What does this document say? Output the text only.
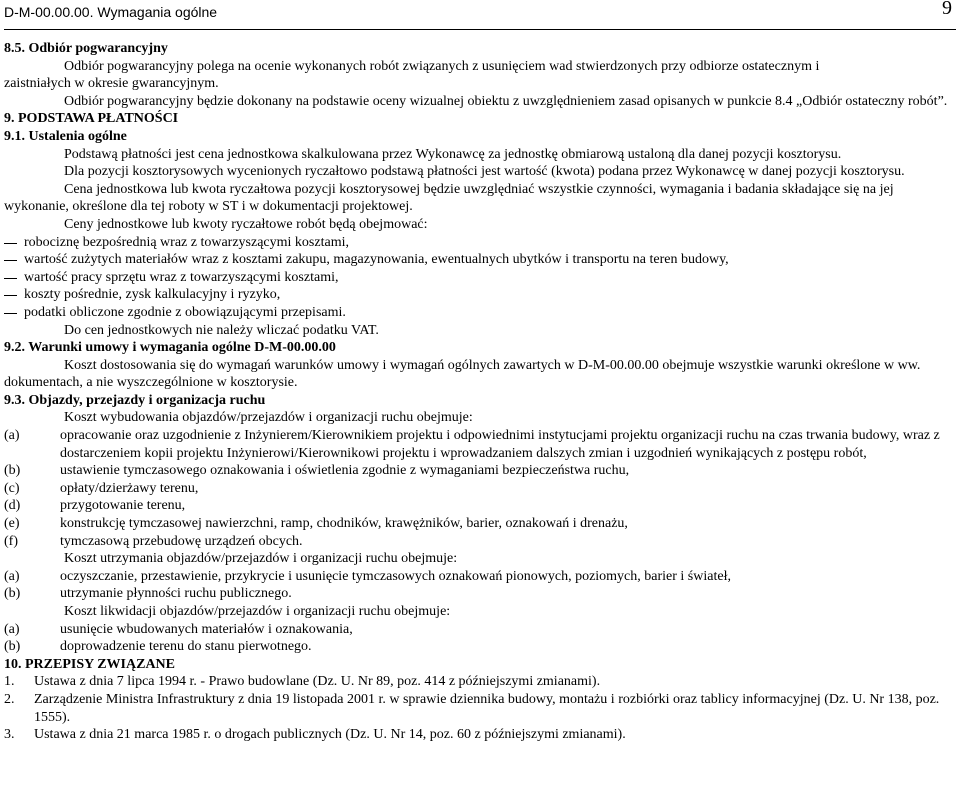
D-M-00.00.00. Wymagania ogólne	9

8.5. Odbiór pogwarancyjny

Odbiór pogwarancyjny polega na ocenie wykonanych robót związanych z usunięciem wad stwierdzonych przy odbiorze ostatecznym i

zaistniałych w okresie gwarancyjnym.

Odbiór pogwarancyjny będzie dokonany na podstawie oceny wizualnej obiektu z uwzględnieniem zasad opisanych w punkcie 8.4 „Odbiór ostateczny robót”.

9. PODSTAWA PŁATNOŚCI

9.1. Ustalenia ogólne

Podstawą płatności jest cena jednostkowa skalkulowana przez Wykonawcę za jednostkę obmiarową ustaloną dla danej pozycji kosztorysu.

Dla pozycji kosztorysowych wycenionych ryczałtowo podstawą płatności jest wartość (kwota) podana przez Wykonawcę w danej pozycji kosztorysu.

Cena jednostkowa lub kwota ryczałtowa pozycji kosztorysowej będzie uwzględniać wszystkie czynności, wymagania i badania składające się na jej wykonanie, określone dla tej roboty w ST i w dokumentacji projektowej.

Ceny jednostkowe lub kwoty ryczałtowe robót będą obejmować:

robociznę bezpośrednią wraz z towarzyszącymi kosztami,

wartość zużytych materiałów wraz z kosztami zakupu, magazynowania, ewentualnych ubytków i transportu na teren budowy,

wartość pracy sprzętu wraz z towarzyszącymi kosztami,

koszty pośrednie, zysk kalkulacyjny i ryzyko,

podatki obliczone zgodnie z obowiązującymi przepisami.

Do cen jednostkowych nie należy wliczać podatku VAT.

9.2. Warunki umowy i wymagania ogólne D-M-00.00.00

Koszt dostosowania się do wymagań warunków umowy i wymagań ogólnych zawartych w D-M-00.00.00 obejmuje wszystkie warunki określone w ww. dokumentach, a nie wyszczególnione w kosztorysie.

9.3. Objazdy, przejazdy i organizacja ruchu

Koszt wybudowania objazdów/przejazdów i organizacji ruchu obejmuje:

(a)	opracowanie oraz uzgodnienie z Inżynierem/Kierownikiem projektu i odpowiednimi instytucjami projektu organizacji ruchu na czas trwania budowy, wraz z dostarczeniem kopii projektu Inżynierowi/Kierownikowi projektu i wprowadzaniem dalszych zmian i uzgodnień wynikających z postępu robót,

(b)	ustawienie tymczasowego oznakowania i oświetlenia zgodnie z wymaganiami bezpieczeństwa ruchu,

(c)	opłaty/dzierżawy terenu,

(d)	przygotowanie terenu,

(e)	konstrukcję tymczasowej nawierzchni, ramp, chodników, krawężników, barier, oznakowań i drenażu,

(f)	tymczasową przebudowę urządzeń obcych.

Koszt utrzymania objazdów/przejazdów i organizacji ruchu obejmuje:

(a)	oczyszczanie, przestawienie, przykrycie i usunięcie tymczasowych oznakowań pionowych, poziomych, barier i świateł,

(b)	utrzymanie płynności ruchu publicznego.

Koszt likwidacji objazdów/przejazdów i organizacji ruchu obejmuje:

(a)	usunięcie wbudowanych materiałów i oznakowania,

(b)	doprowadzenie terenu do stanu pierwotnego.

10. PRZEPISY ZWIĄZANE

1. Ustawa z dnia 7 lipca 1994 r. - Prawo budowlane (Dz. U. Nr 89, poz. 414 z późniejszymi zmianami).

2. Zarządzenie Ministra Infrastruktury z dnia 19 listopada 2001 r. w sprawie dziennika budowy, montażu i rozbiórki oraz tablicy informacyjnej (Dz. U. Nr 138, poz. 1555).

3. Ustawa z dnia 21 marca 1985 r. o drogach publicznych (Dz. U. Nr 14, poz. 60 z późniejszymi zmianami).
